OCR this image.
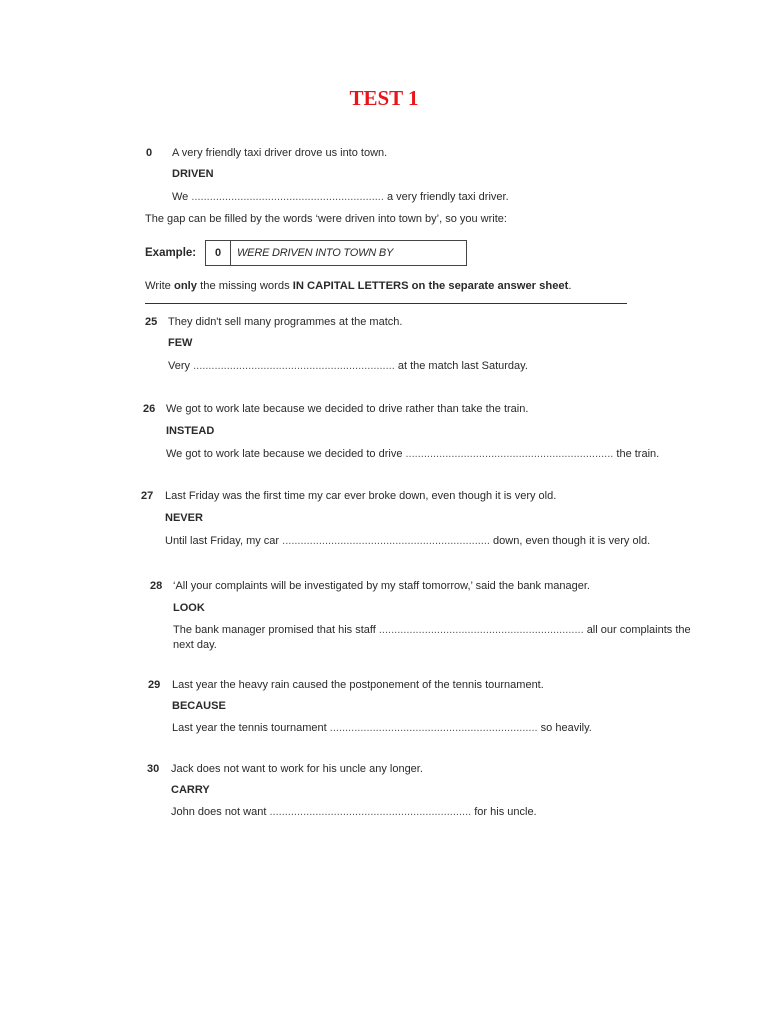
TEST 1
0 A very friendly taxi driver drove us into town.
DRIVEN
We ............................................................... a very friendly taxi driver.
The gap can be filled by the words ‘were driven into town by’, so you write:
Example:	0	WERE DRIVEN INTO TOWN BY
Write only the missing words IN CAPITAL LETTERS on the separate answer sheet.
25 They didn't sell many programmes at the match.
FEW
Very .................................................................. at the match last Saturday.
26 We got to work late because we decided to drive rather than take the train.
INSTEAD
We got to work late because we decided to drive .................................................................... the train.
27 Last Friday was the first time my car ever broke down, even though it is very old.
NEVER
Until last Friday, my car .................................................................... down, even though it is very old.
28 ‘All your complaints will be investigated by my staff tomorrow,’ said the bank manager.
LOOK
The bank manager promised that his staff ................................................................... all our complaints the
next day.
29 Last year the heavy rain caused the postponement of the tennis tournament.
BECAUSE
Last year the tennis tournament .................................................................... so heavily.
30 Jack does not want to work for his uncle any longer.
CARRY
John does not want .................................................................. for his uncle.
